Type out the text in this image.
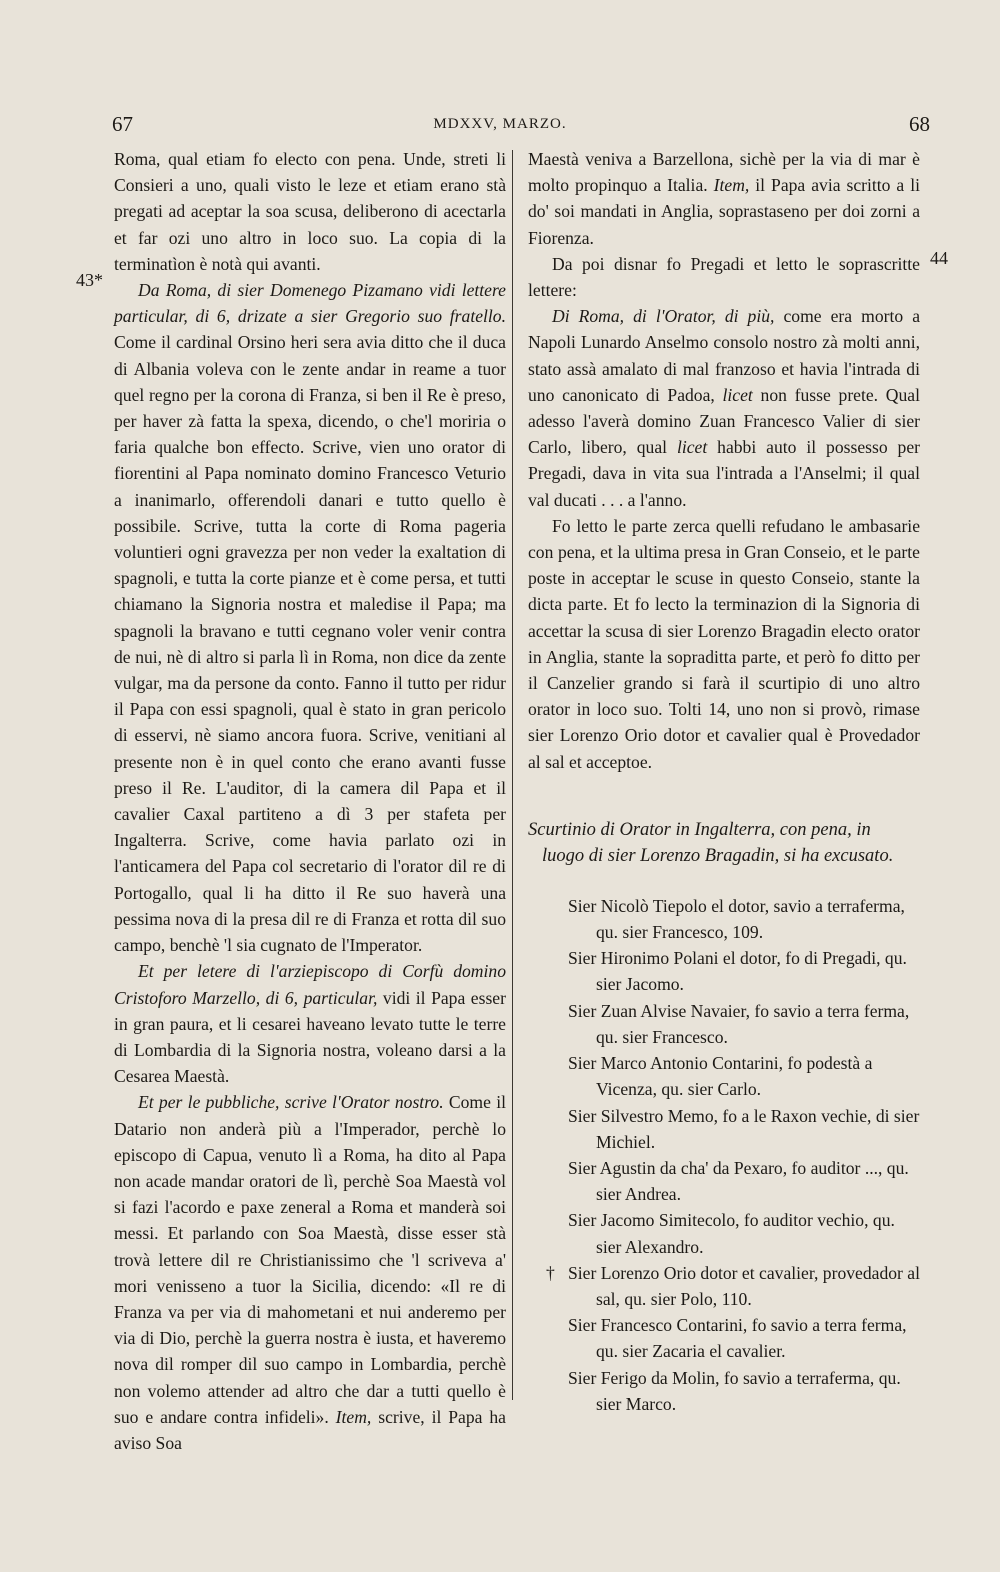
67	MDXXV, MARZO.	68
43*
44

Roma, qual etiam fo electo con pena. Unde, streti li Consieri a uno, quali visto le leze et etiam erano stà pregati ad aceptar la soa scusa, deliberono di acectarla et far ozi uno altro in loco suo. La copia di la terminatìon è notà qui avanti.

Da Roma, di sier Domenego Pizamano vidi lettere particular, di 6, drizate a sier Gregorio suo fratello. Come il cardinal Orsino heri sera avia ditto che il duca di Albania voleva con le zente andar in reame a tuor quel regno per la corona di Franza, si ben il Re è preso, per haver zà fatta la spexa, dicendo, o che'l moriria o faria qualche bon effecto. Scrive, vien uno orator di fiorentini al Papa nominato domino Francesco Veturio a inanimarlo, offerendoli danari e tutto quello è possibile. Scrive, tutta la corte di Roma pageria voluntieri ogni gravezza per non veder la exaltation di spagnoli, e tutta la corte pianze et è come persa, et tutti chiamano la Signoria nostra et maledise il Papa; ma spagnoli la bravano e tutti cegnano voler venir contra de nui, nè di altro si parla lì in Roma, non dice da zente vulgar, ma da persone da conto. Fanno il tutto per ridur il Papa con essi spagnoli, qual è stato in gran pericolo di esservi, nè siamo ancora fuora. Scrive, venitiani al presente non è in quel conto che erano avanti fusse preso il Re. L'auditor, di la camera dil Papa et il cavalier Caxal partiteno a dì 3 per stafeta per Ingalterra. Scrive, come havia parlato ozi in l'anticamera del Papa col secretario di l'orator dil re di Portogallo, qual li ha ditto il Re suo haverà una pessima nova di la presa dil re di Franza et rotta dil suo campo, benchè 'l sia cugnato de l'Imperator.

Et per letere di l'arziepiscopo di Corfù domino Cristoforo Marzello, di 6, particular, vidi il Papa esser in gran paura, et li cesarei haveano levato tutte le terre di Lombardia di la Signoria nostra, voleano darsi a la Cesarea Maestà.

Et per le pubbliche, scrive l'Orator nostro. Come il Datario non anderà più a l'Imperador, perchè lo episcopo di Capua, venuto lì a Roma, ha dito al Papa non acade mandar oratori de lì, perchè Soa Maestà vol si fazi l'acordo e paxe zeneral a Roma et manderà soi messi. Et parlando con Soa Maestà, disse esser stà trovà lettere dil re Christianissimo che 'l scriveva a' mori venisseno a tuor la Sicilia, dicendo: «Il re di Franza va per via di mahometani et nui anderemo per via di Dio, perchè la guerra nostra è iusta, et haveremo nova dil romper dil suo campo in Lombardia, perchè non volemo attender ad altro che dar a tutti quello è suo e andare contra infideli». Item, scrive, il Papa ha aviso Soa

Maestà veniva a Barzellona, sichè per la via di mar è molto propinquo a Italia. Item, il Papa avia scritto a li do' soi mandati in Anglia, soprastaseno per doi zorni a Fiorenza.

Da poi disnar fo Pregadi et letto le soprascritte lettere:

Di Roma, di l'Orator, di più, come era morto a Napoli Lunardo Anselmo consolo nostro zà molti anni, stato assà amalato di mal franzoso et havia l'intrada di uno canonicato di Padoa, licet non fusse prete. Qual adesso l'averà domino Zuan Francesco Valier di sier Carlo, libero, qual licet habbi auto il possesso per Pregadi, dava in vita sua l'intrada a l'Anselmi; il qual val ducati . . . a l'anno.

Fo letto le parte zerca quelli refudano le ambasarie con pena, et la ultima presa in Gran Conseio, et le parte poste in acceptar le scuse in questo Conseio, stante la dicta parte. Et fo lecto la terminazion di la Signoria di accettar la scusa di sier Lorenzo Bragadin electo orator in Anglia, stante la sopraditta parte, et però fo ditto per il Canzelier grando si farà il scurtipio di uno altro orator in loco suo. Tolti 14, uno non si provò, rimase sier Lorenzo Orio dotor et cavalier qual è Provedador al sal et acceptoe.

Scurtinio di Orator in Ingalterra, con pena, in
luogo di sier Lorenzo Bragadin, si ha excusato.

Sier Nicolò Tiepolo el dotor, savio a terraferma, qu. sier Francesco, 109.
Sier Hironimo Polani el dotor, fo di Pregadi, qu. sier Jacomo.
Sier Zuan Alvise Navaier, fo savio a terra ferma, qu. sier Francesco.
Sier Marco Antonio Contarini, fo podestà a Vicenza, qu. sier Carlo.
Sier Silvestro Memo, fo a le Raxon vechie, di sier Michiel.
Sier Agustin da cha' da Pexaro, fo auditor ..., qu. sier Andrea.
Sier Jacomo Simitecolo, fo auditor vechio, qu. sier Alexandro.
† Sier Lorenzo Orio dotor et cavalier, provedador al sal, qu. sier Polo, 110.
Sier Francesco Contarini, fo savio a terra ferma, qu. sier Zacaria el cavalier.
Sier Ferigo da Molin, fo savio a terraferma, qu. sier Marco.
